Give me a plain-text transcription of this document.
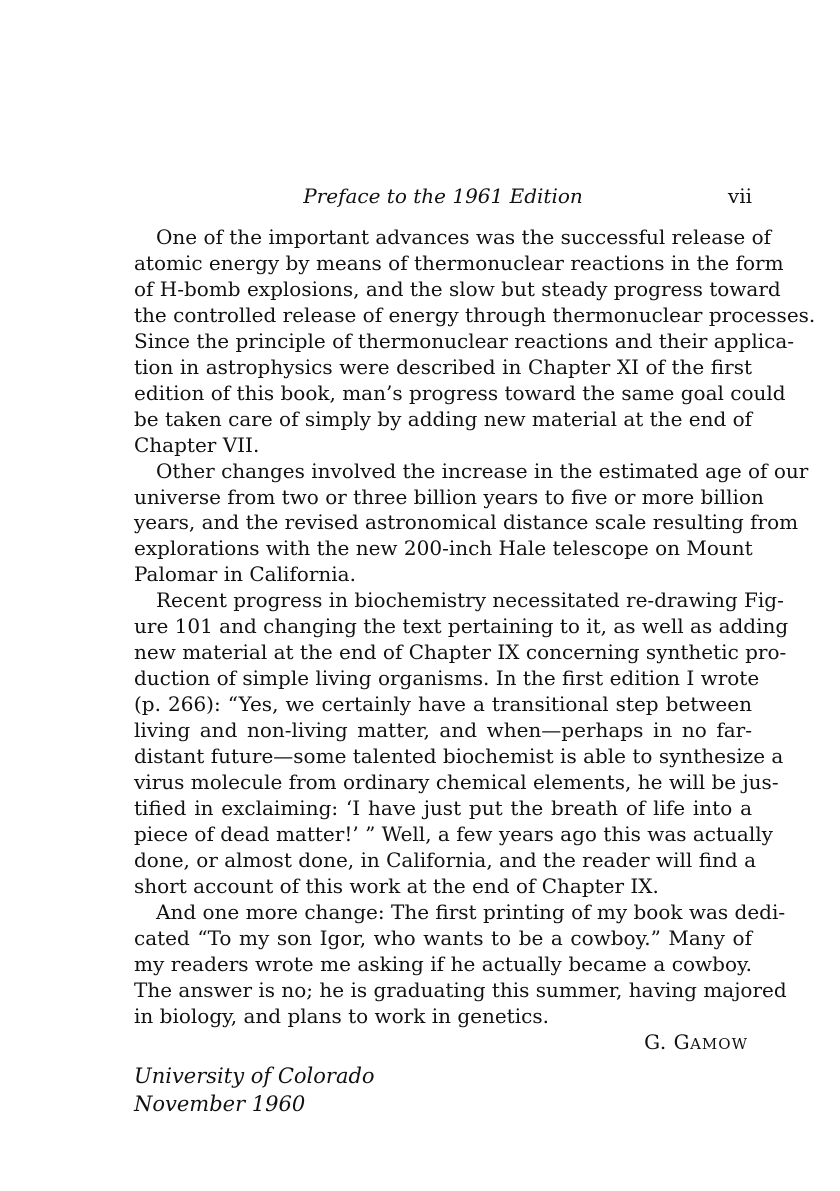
Preface to the 1961 Edition	vii
One of the important advances was the successful release of
atomic energy by means of thermonuclear reactions in the form
of H-bomb explosions, and the slow but steady progress toward
the controlled release of energy through thermonuclear processes.
Since the principle of thermonuclear reactions and their applica-
tion in astrophysics were described in Chapter XI of the first
edition of this book, man’s progress toward the same goal could
be taken care of simply by adding new material at the end of
Chapter VII.
Other changes involved the increase in the estimated age of our
universe from two or three billion years to five or more billion
years, and the revised astronomical distance scale resulting from
explorations with the new 200-inch Hale telescope on Mount
Palomar in California.
Recent progress in biochemistry necessitated re-drawing Fig-
ure 101 and changing the text pertaining to it, as well as adding
new material at the end of Chapter IX concerning synthetic pro-
duction of simple living organisms. In the first edition I wrote
(p. 266): “Yes, we certainly have a transitional step between
living and non-living matter, and when—perhaps in no far-
distant future—some talented biochemist is able to synthesize a
virus molecule from ordinary chemical elements, he will be jus-
tified in exclaiming: ‘I have just put the breath of life into a
piece of dead matter!’ ” Well, a few years ago this was actually
done, or almost done, in California, and the reader will find a
short account of this work at the end of Chapter IX.
And one more change: The first printing of my book was dedi-
cated “To my son Igor, who wants to be a cowboy.” Many of
my readers wrote me asking if he actually became a cowboy.
The answer is no; he is graduating this summer, having majored
in biology, and plans to work in genetics.
G. GAMOW
University of Colorado
November 1960
